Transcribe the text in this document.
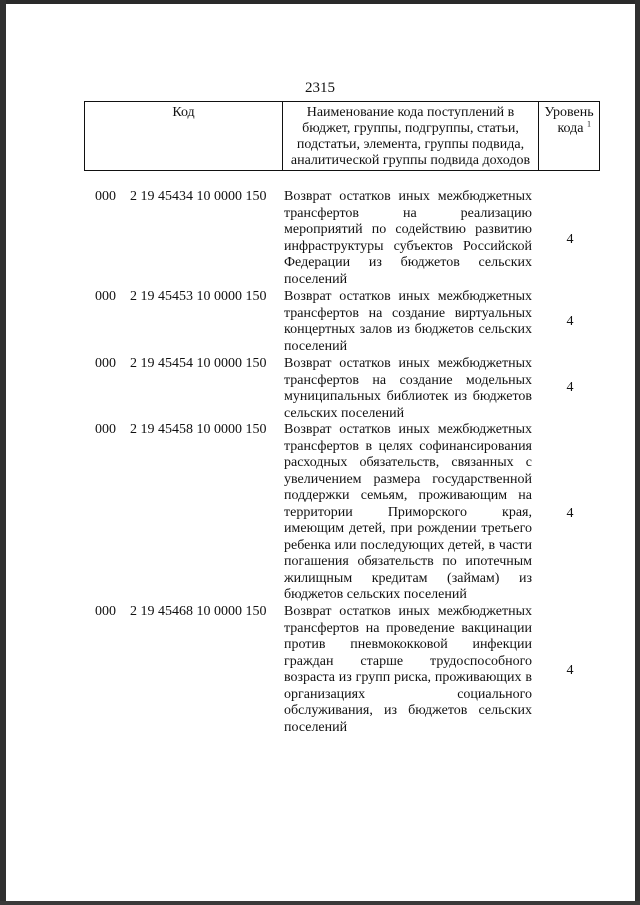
2315
Код	Наименование кода поступлений в
бюджет, группы, подгруппы, статьи,
подстатьи, элемента, группы подвида,
аналитической группы подвида доходов
Уровень
кода $^1$
000 2 19 45434 10 0000 150 Возврат остатков иных межбюджетных трансфертов на реализацию мероприятий по содействию развитию инфраструктуры субъектов Российской Федерации из бюджетов сельских поселений
4
000 2 19 45453 10 0000 150 Возврат остатков иных межбюджетных трансфертов на создание виртуальных концертных залов из бюджетов сельских поселений
4
000 2 19 45454 10 0000 150 Возврат остатков иных межбюджетных трансфертов на создание модельных муниципальных библиотек из бюджетов сельских поселений
4
000 2 19 45458 10 0000 150 Возврат остатков иных межбюджетных трансфертов в целях софинансирования расходных обязательств, связанных с увеличением размера государственной поддержки семьям, проживающим на территории Приморского края, имеющим детей, при рождении третьего ребенка или последующих детей, в части погашения обязательств по ипотечным жилищным кредитам (займам) из бюджетов сельских поселений
4
000 2 19 45468 10 0000 150 Возврат остатков иных межбюджетных трансфертов на проведение вакцинации против пневмококковой инфекции граждан старше трудоспособного возраста из групп риска, проживающих в организациях социального обслуживания, из бюджетов сельских поселений
4
